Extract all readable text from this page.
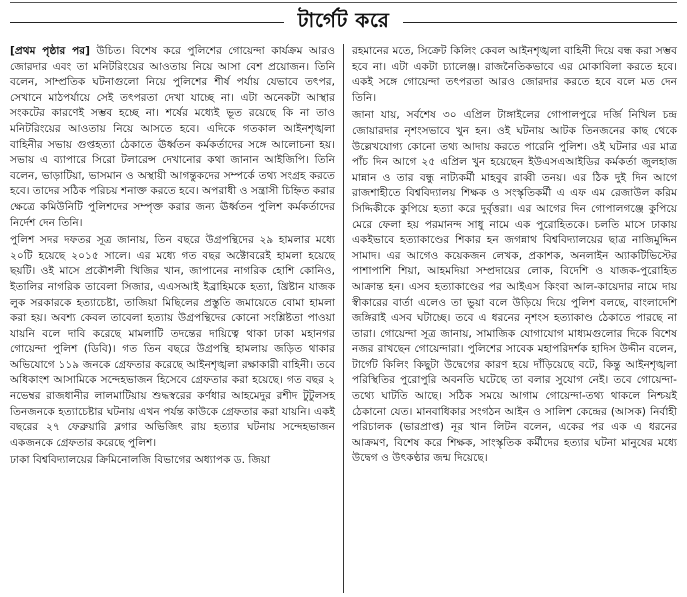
টার্গেট করে

[প্রথম পৃষ্ঠার পর] উচিত। বিশেষ করে পুলিশের গোয়েন্দা কার্যক্রম আরও জোরদার এবং তা মনিটরিংয়ের আওতায় নিয়ে আসা বেশ প্রয়োজন। তিনি বলেন, সাম্প্রতিক ঘটনাগুলো নিয়ে পুলিশের শীর্ষ পর্যায় যেভাবে তৎপর, সেখানে মাঠপর্যায়ে সেই তৎপরতা দেখা যাচ্ছে না। এটা অনেকটা আস্থার সংকটের কারণেই সম্ভব হচ্ছে না। শর্ষের মধ্যেই ভূত রয়েছে কি না তাও মনিটরিংয়ের আওতায় নিয়ে আসতে হবে। এদিকে গতকাল আইনশৃঙ্খলা বাহিনীর সভায় গুপ্তহত্যা ঠেকাতে ঊর্ধ্বতন কর্মকর্তাদের সঙ্গে আলোচনা হয়। সভায় এ ব্যাপারে সিরো টলারেন্স দেখানোর কথা জানান আইজিপি। তিনি বলেন, ভাড়াটিয়া, ভাসমান ও অস্থায়ী আগন্তুকদের সম্পর্কে তথ্য সংগ্রহ করতে হবে। তাদের সঠিক পরিচয় শনাক্ত করতে হবে। অপরাধী ও সন্ত্রাসী চিহ্নিত করার ক্ষেত্রে কমিউনিটি পুলিশদের সম্পৃক্ত করার জন্য ঊর্ধ্বতন পুলিশ কর্মকর্তাদের নির্দেশ দেন তিনি।

পুলিশ সদর দফতর সূত্র জানায়, তিন বছরে উগ্রপন্থিদের ২৯ হামলার মধ্যে ২০টি হয়েছে ২০১৫ সালে। এর মধ্যে গত বছর অক্টোবরেই হামলা হয়েছে ছয়টি। ওই মাসে প্রকৌশলী খিজির খান, জাপানের নাগরিক হোশি কোনিও, ইতালির নাগরিক তাবেলা সিজার, এএসআই ইব্রাহিমকে হত্যা, খ্রিষ্টান যাজক লুক সরকারকে হত্যাচেষ্টা, তাজিয়া মিছিলের প্রস্তুতি জমায়েতে বোমা হামলা করা হয়। অবশ্য কেবল তাবেলা হত্যায় উগ্রপন্থিদের কোনো সংশ্লিষ্টতা পাওয়া যায়নি বলে দাবি করেছে মামলাটি তদন্তের দায়িত্বে থাকা ঢাকা মহানগর গোয়েন্দা পুলিশ (ডিবি)। গত তিন বছরে উগ্রপন্থি হামলায় জড়িত থাকার অভিযোগে ১১৯ জনকে গ্রেফতার করেছে আইনশৃঙ্খলা রক্ষাকারী বাহিনী। তবে অধিকাংশ আসামিকে সন্দেহভাজন হিসেবে গ্রেফতার করা হয়েছে। গত বছর ২ নভেম্বর রাজধানীর লালমাটিয়ায় শুদ্ধস্বরের কর্ণধার আহমেদুর রশীদ টুটুলসহ তিনজনকে হত্যাচেষ্টার ঘটনায় এখন পর্যন্ত কাউকে গ্রেফতার করা যায়নি। একই বছরের ২৭ ফেব্রুয়ারি ব্লগার অভিজিৎ রায় হত্যার ঘটনায় সন্দেহভাজন একজনকে গ্রেফতার করেছে পুলিশ।

ঢাকা বিশ্ববিদ্যালয়ের ক্রিমিনোলজি বিভাগের অধ্যাপক ড. জিয়া

রহমানের মতে, সিক্রেট কিলিং কেবল আইনশৃঙ্খলা বাহিনী দিয়ে বন্ধ করা সম্ভব হবে না। এটা একটা চ্যালেঞ্জ। রাজনৈতিকভাবে এর মোকাবিলা করতে হবে। একই সঙ্গে গোয়েন্দা তৎপরতা আরও জোরদার করতে হবে বলে মত দেন তিনি।

জানা যায়, সর্বশেষ ৩০ এপ্রিল টাঙ্গাইলের গোপালপুরে দর্জি নিখিল চন্দ্র জোয়ারদার নৃশংসভাবে খুন হন। ওই ঘটনায় আটক তিনজনের কাছ থেকে উল্লেখযোগ্য কোনো তথ্য আদায় করতে পারেনি পুলিশ। ওই ঘটনার এর মাত্র পাঁচ দিন আগে ২৫ এপ্রিল খুন হয়েছেন ইউএসএআইডির কর্মকর্তা জুলহাজ মান্নান ও তার বন্ধু নাট্যকর্মী মাহবুব রাব্বী তনয়। এর ঠিক দুই দিন আগে রাজশাহীতে বিশ্ববিদ্যালয় শিক্ষক ও সংস্কৃতিকর্মী এ এফ এম রেজাউল করিম সিদ্দিকীকে কুপিয়ে হত্যা করে দুর্বৃত্তরা। এর আগের দিন গোপালগঞ্জে কুপিয়ে মেরে ফেলা হয় পরমানন্দ সাধু নামে এক পুরোহিতকে। চলতি মাসে ঢাকায় একইভাবে হত্যাকাণ্ডের শিকার হন জগন্নাথ বিশ্ববিদ্যালয়ের ছাত্র নাজিমুদ্দিন সামাদ। এর আগেও কয়েকজন লেখক, প্রকাশক, অনলাইন অ্যাকটিভিস্টের পাশাপাশি শিয়া, আহমদিয়া সম্প্রদায়ের লোক, বিদেশি ও যাজক-পুরোহিত আক্রান্ত হন। এসব হত্যাকাণ্ডের পর আইএস কিংবা আল-কায়েদার নামে দায় স্বীকারের বার্তা এলেও তা ভুয়া বলে উড়িয়ে দিয়ে পুলিশ বলছে, বাংলাদেশি জঙ্গিরাই এসব ঘটাচ্ছে। তবে এ ধরনের নৃশংস হত্যাকাণ্ড ঠেকাতে পারছে না তারা। গোয়েন্দা সূত্র জানায়, সামাজিক যোগাযোগ মাধ্যমগুলোর দিকে বিশেষ নজর রাখছেন গোয়েন্দারা। পুলিশের সাবেক মহাপরিদর্শক হাদিস উদ্দীন বলেন, টার্গেট কিলিং কিছুটা উদ্বেগের কারণ হয়ে দাঁড়িয়েছে বটে, কিন্তু আইনশৃঙ্খলা পরিস্থিতির পুরোপুরি অবনতি ঘটেছে তা বলার সুযোগ নেই। তবে গোয়েন্দা-তথ্যে ঘাটতি আছে। সঠিক সময়ে আগাম গোয়েন্দা-তথ্য থাকলে নিশ্চয়ই ঠেকানো যেত। মানবাধিকার সংগঠন আইন ও সালিশ কেন্দ্রের (আসক) নির্বাহী পরিচালক (ভারপ্রাপ্ত) নূর খান লিটন বলেন, একের পর এক এ ধরনের আক্রমণ, বিশেষ করে শিক্ষক, সাংস্কৃতিক কর্মীদের হত্যার ঘটনা মানুষের মধ্যে উদ্বেগ ও উৎকণ্ঠার জন্ম দিয়েছে।
